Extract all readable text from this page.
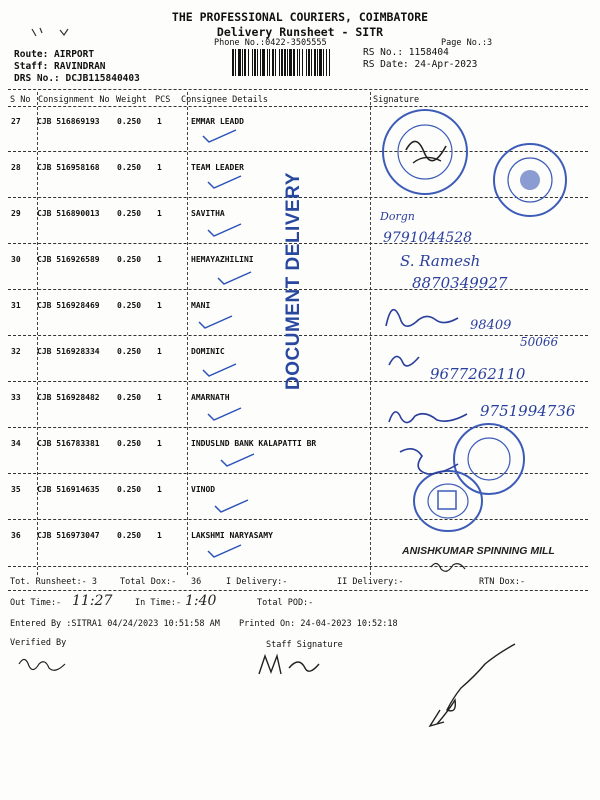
THE PROFESSIONAL COURIERS, COIMBATORE
Delivery Runsheet - SITR
Phone No.:0422-3505555	Page No.:3
Route: AIRPORT
Staff: RAVINDRAN
DRS No.: DCJB115840403
RS No.: 1158404
RS Date: 24-Apr-2023
S No Consignment No Weight PCS Consignee Details	Signature
27 CJB 516869193 0.250 1	EMMAR LEADD
28 CJB 516958168 0.250 1	TEAM LEADER
29 CJB 516890013 0.250 1	SAVITHA
30 CJB 516926589 0.250 1	HEMAYAZHILINI
31 CJB 516928469 0.250 1	MANI
32 CJB 516928334 0.250 1	DOMINIC
33 CJB 516928482 0.250 1	AMARNATH
34 CJB 516783381 0.250 1	INDUSLND BANK KALAPATTI BR
35 CJB 516914635 0.250 1	VINOD
36 CJB 516973047 0.250 1	LAKSHMI NARYASAMY
DOCUMENT DELIVERY	Dorgn
9791044528
S. Ramesh
8870349927
98409
50066
9677262110
9751994736
ANISHKUMAR SPINNING MILL
Tot. Runsheet:- 3	Total Dox:- 36	I Delivery:-	II Delivery:-	RTN Dox:-
Out Time:- 11:27	In Time:- 1:40	Total POD:-
Entered By :SITRA1 04/24/2023 10:51:58 AM Printed On: 24-04-2023 10:52:18
Verified By	Staff Signature
